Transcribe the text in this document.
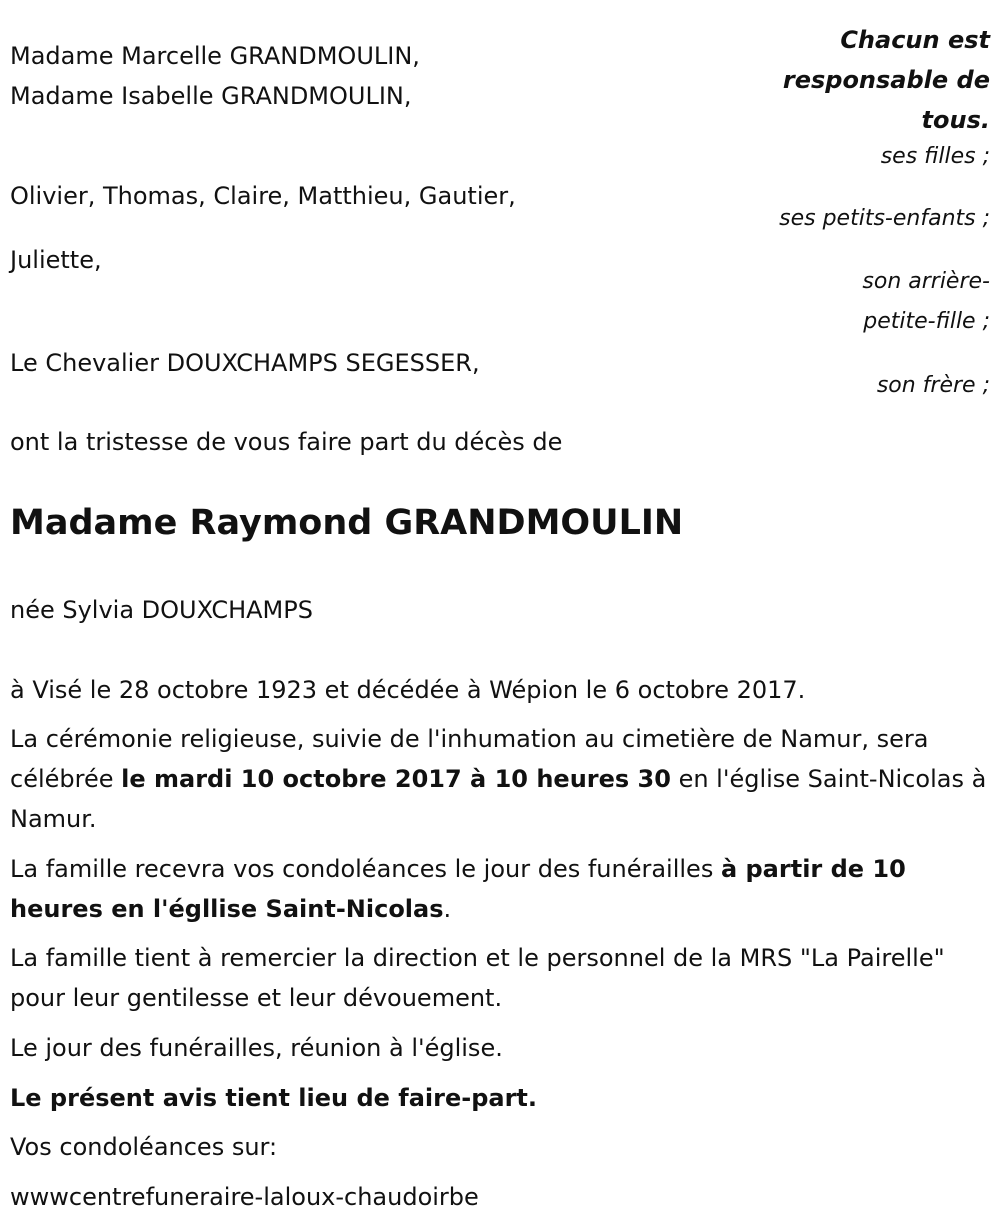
Madame Marcelle GRANDMOULIN,

Madame Isabelle GRANDMOULIN,

Olivier, Thomas, Claire, Matthieu, Gautier,

Juliette,

Le Chevalier DOUXCHAMPS SEGESSER,

ont la tristesse de vous faire part du décès de

Chacun est responsable de tous.
ses filles ;
ses petits-enfants ;
son arrière-petite-fille ;
son frère ;
Madame Raymond GRANDMOULIN

née Sylvia DOUXCHAMPS

à Visé le 28 octobre 1923 et décédée à Wépion le 6 octobre 2017.

La cérémonie religieuse, suivie de l'inhumation au cimetière de Namur, sera célébrée le mardi 10 octobre 2017 à 10 heures 30 en l'église Saint-Nicolas à Namur.

La famille recevra vos condoléances le jour des funérailles à partir de 10 heures en l'égllise Saint-Nicolas.

La famille tient à remercier la direction et le personnel de la MRS "La Pairelle" pour leur gentilesse et leur dévouement.

Le jour des funérailles, réunion à l'église.

Le présent avis tient lieu de faire-part.

Vos condoléances sur:

wwwcentrefuneraire-laloux-chaudoirbe
